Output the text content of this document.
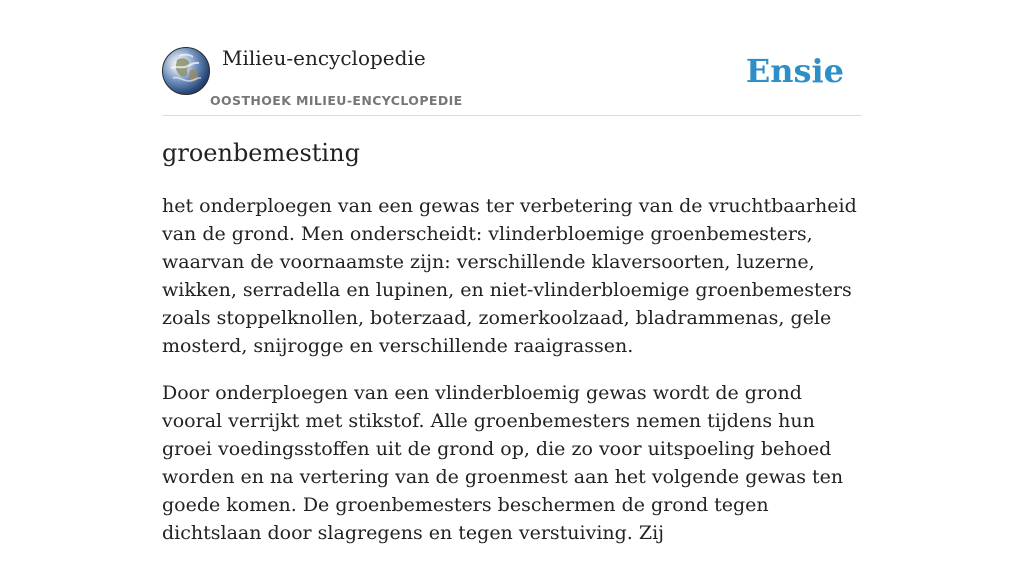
Milieu-encyclopedie
OOSTHOEK MILIEU-ENCYCLOPEDIE
Ensie
groenbemesting

het onderploegen van een gewas ter verbetering van de vruchtbaarheid van de grond. Men onderscheidt: vlinderbloemige groenbemesters, waarvan de voornaamste zijn: verschillende klaversoorten, luzerne, wikken, serradella en lupinen, en niet-vlinderbloemige groenbemesters zoals stoppelknollen, boterzaad, zomerkoolzaad, bladrammenas, gele mosterd, snijrogge en verschillende raaigrassen.

Door onderploegen van een vlinderbloemig gewas wordt de grond vooral verrijkt met stikstof. Alle groenbemesters nemen tijdens hun groei voedingsstoffen uit de grond op, die zo voor uitspoeling behoed worden en na vertering van de groenmest aan het volgende gewas ten goede komen. De groenbemesters beschermen de grond tegen dichtslaan door slagregens en tegen verstuiving. Zij
